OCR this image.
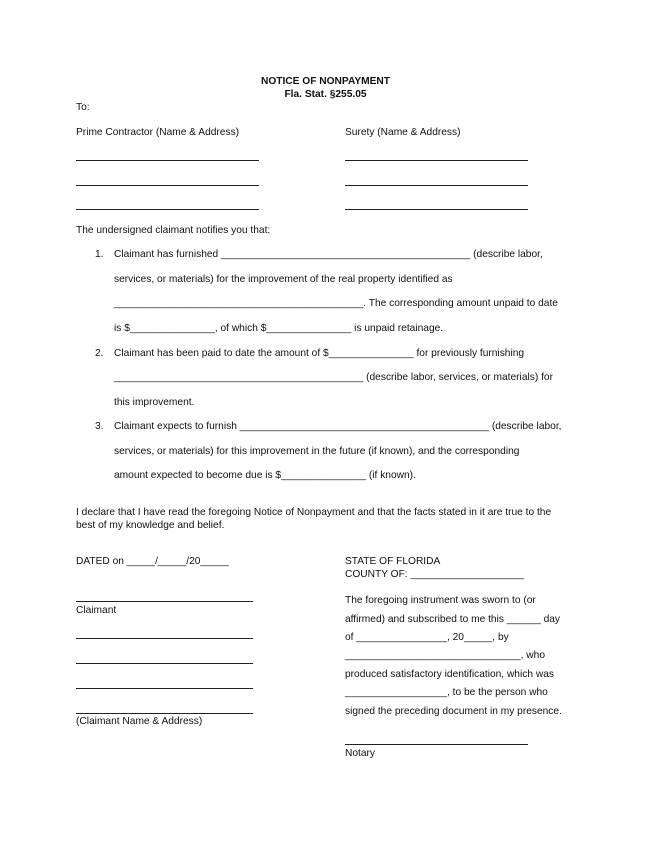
NOTICE OF NONPAYMENT
Fla. Stat. §255.05
To:
Prime Contractor (Name & Address)	Surety (Name & Address)
The undersigned claimant notifies you that:
1. Claimant has furnished ____________________________________________ (describe labor,
services, or materials) for the improvement of the real property identified as
____________________________________________. The corresponding amount unpaid to date
is $_______________, of which $_______________ is unpaid retainage.
2. Claimant has been paid to date the amount of $_______________ for previously furnishing
____________________________________________ (describe labor, services, or materials) for
this improvement.
3. Claimant expects to furnish ____________________________________________ (describe labor,
services, or materials) for this improvement in the future (if known), and the corresponding
amount expected to become due is $_______________ (if known).
I declare that I have read the foregoing Notice of Nonpayment and that the facts stated in it are true to the
best of my knowledge and belief.
DATED on _____/_____/20_____
Claimant
(Claimant Name & Address)
STATE OF FLORIDA
COUNTY OF: ____________________
The foregoing instrument was sworn to (or
affirmed) and subscribed to me this ______ day
of ________________, 20_____, by
_______________________________, who
produced satisfactory identification, which was
__________________, to be the person who
signed the preceding document in my presence.
Notary
